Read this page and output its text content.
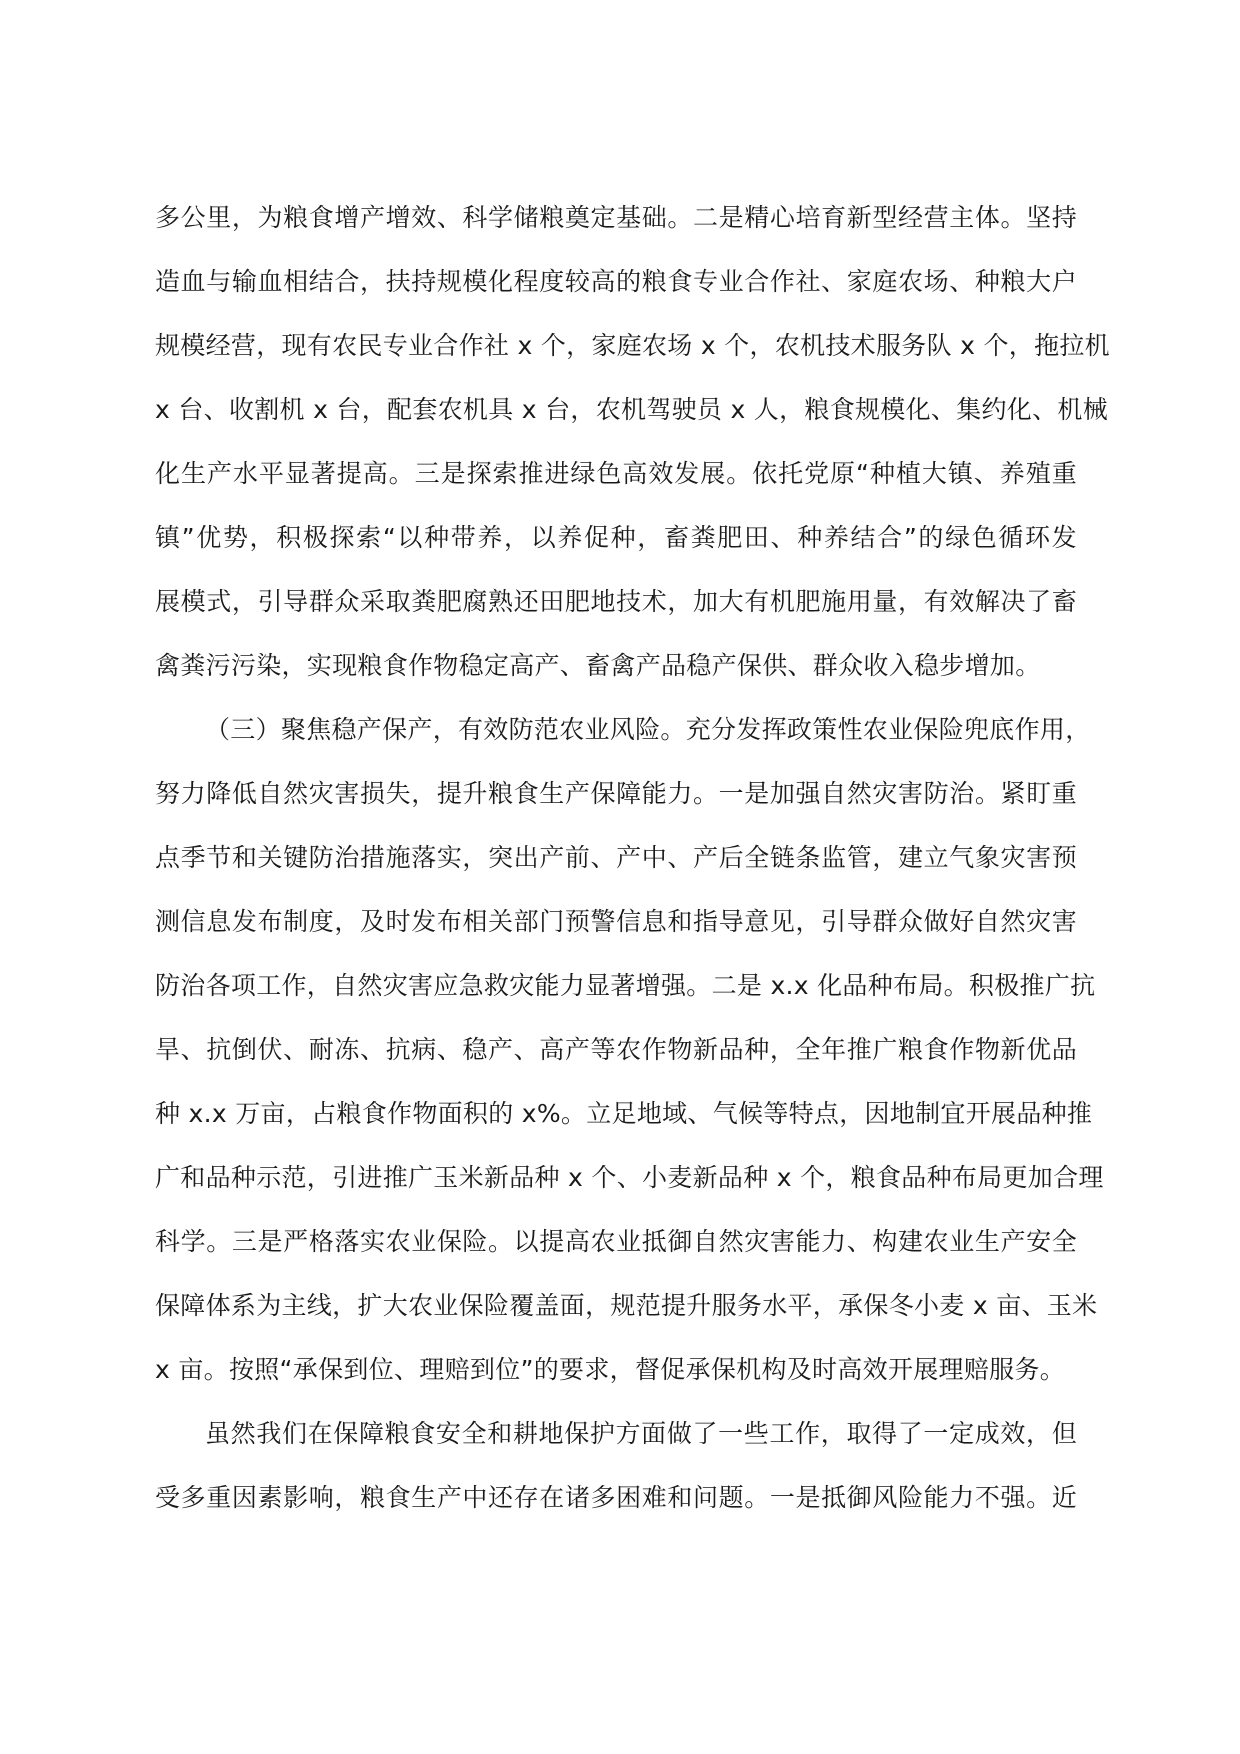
多公里，为粮食增产增效、科学储粮奠定基础。二是精心培育新型经营主体。坚持
造血与输血相结合，扶持规模化程度较高的粮食专业合作社、家庭农场、种粮大户
规模经营，现有农民专业合作社 x 个，家庭农场 x 个，农机技术服务队 x 个，拖拉机
x 台、收割机 x 台，配套农机具 x 台，农机驾驶员 x 人，粮食规模化、集约化、机械
化生产水平显著提高。三是探索推进绿色高效发展。依托党原“种植大镇、养殖重
镇”优势，积极探索“以种带养，以养促种，畜粪肥田、种养结合”的绿色循环发
展模式，引导群众采取粪肥腐熟还田肥地技术，加大有机肥施用量，有效解决了畜
禽粪污污染，实现粮食作物稳定高产、畜禽产品稳产保供、群众收入稳步增加。
（三）聚焦稳产保产，有效防范农业风险。充分发挥政策性农业保险兜底作用，
努力降低自然灾害损失，提升粮食生产保障能力。一是加强自然灾害防治。紧盯重
点季节和关键防治措施落实，突出产前、产中、产后全链条监管，建立气象灾害预
测信息发布制度，及时发布相关部门预警信息和指导意见，引导群众做好自然灾害
防治各项工作，自然灾害应急救灾能力显著增强。二是 x.x 化品种布局。积极推广抗
旱、抗倒伏、耐冻、抗病、稳产、高产等农作物新品种，全年推广粮食作物新优品
种 x.x 万亩，占粮食作物面积的 x%。立足地域、气候等特点，因地制宜开展品种推
广和品种示范，引进推广玉米新品种 x 个、小麦新品种 x 个，粮食品种布局更加合理
科学。三是严格落实农业保险。以提高农业抵御自然灾害能力、构建农业生产安全
保障体系为主线，扩大农业保险覆盖面，规范提升服务水平，承保冬小麦 x 亩、玉米
x 亩。按照“承保到位、理赔到位”的要求，督促承保机构及时高效开展理赔服务。
虽然我们在保障粮食安全和耕地保护方面做了一些工作，取得了一定成效，但
受多重因素影响，粮食生产中还存在诸多困难和问题。一是抵御风险能力不强。近
